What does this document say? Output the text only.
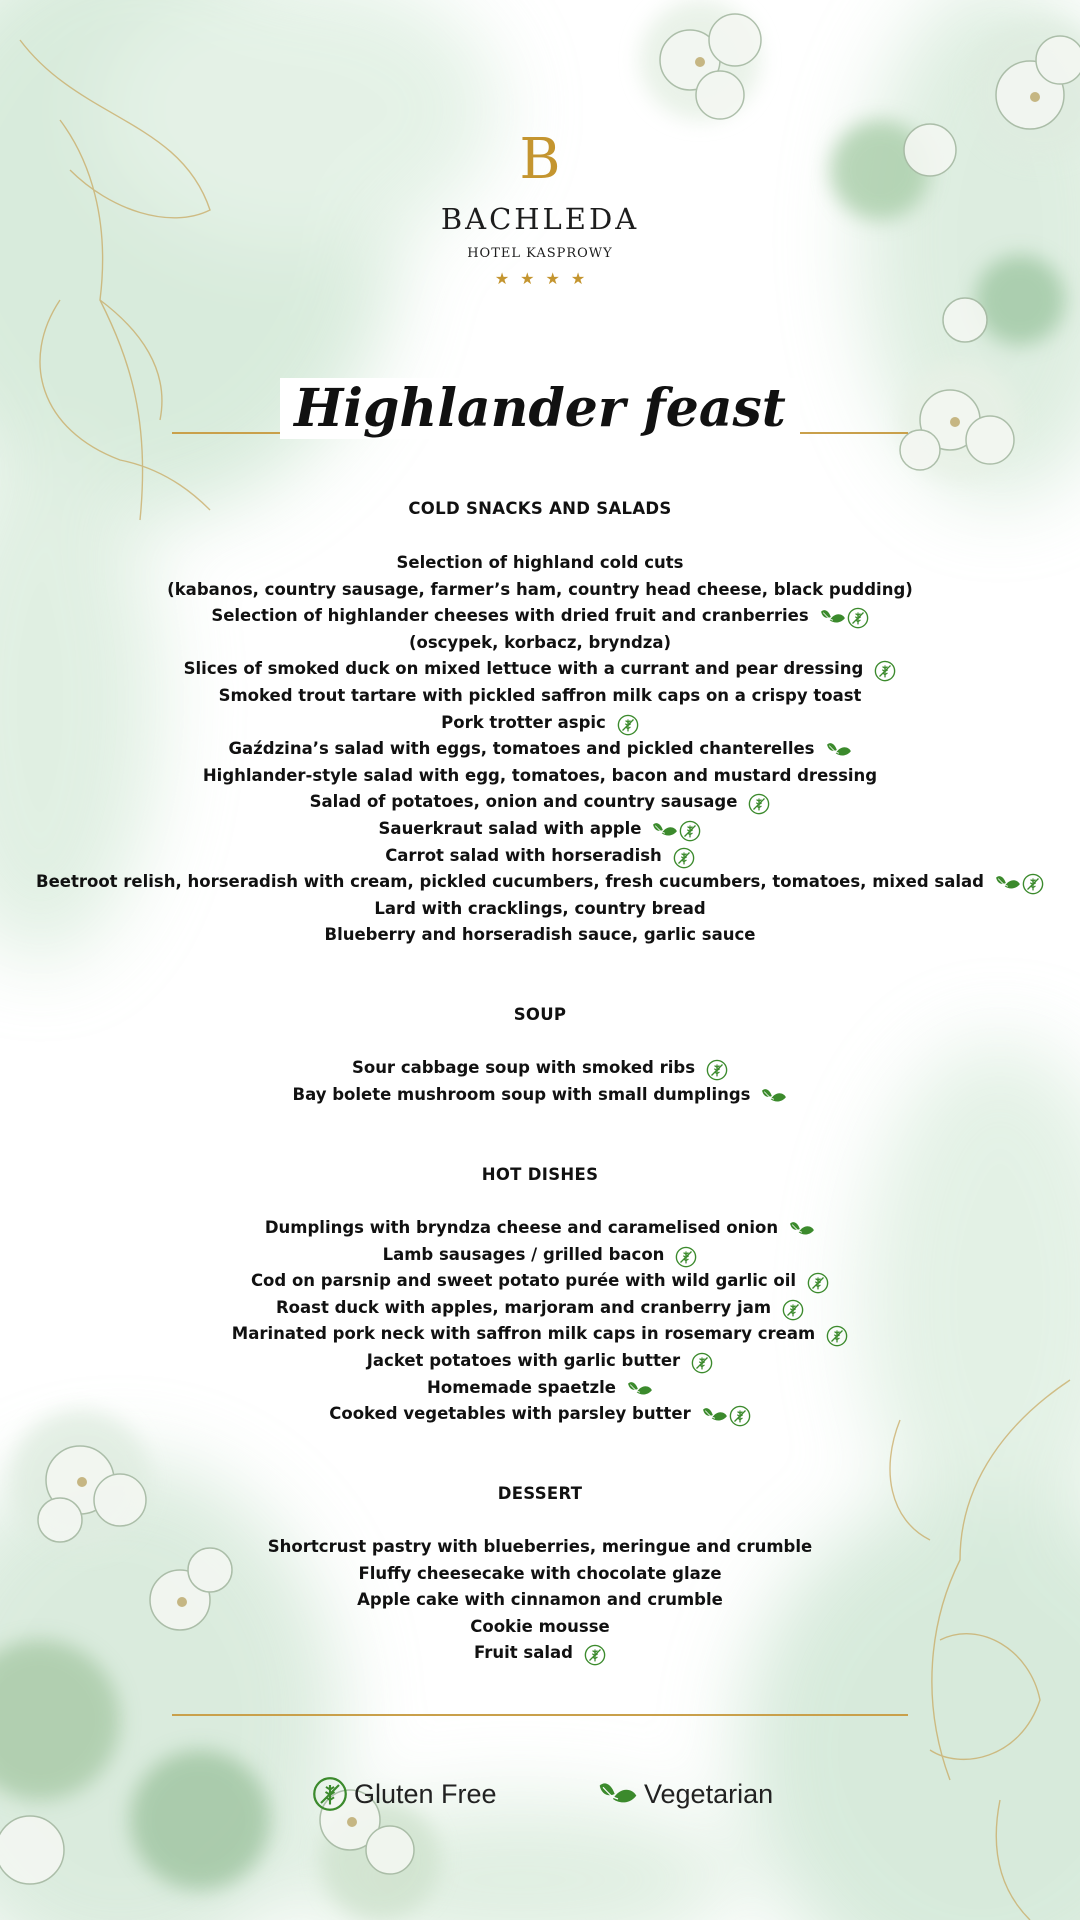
B
BACHLEDA
HOTEL KASPROWY
★★★★
Highlander feast
COLD SNACKS AND SALADS
Selection of highland cold cuts
(kabanos, country sausage, farmer’s ham, country head cheese, black pudding)
Selection of highlander cheeses with dried fruit and cranberries
(oscypek, korbacz, bryndza)
Slices of smoked duck on mixed lettuce with a currant and pear dressing
Smoked trout tartare with pickled saffron milk caps on a crispy toast
Pork trotter aspic
Gaździna’s salad with eggs, tomatoes and pickled chanterelles
Highlander-style salad with egg, tomatoes, bacon and mustard dressing
Salad of potatoes, onion and country sausage
Sauerkraut salad with apple
Carrot salad with horseradish
Beetroot relish, horseradish with cream, pickled cucumbers, fresh cucumbers, tomatoes, mixed salad
Lard with cracklings, country bread
Blueberry and horseradish sauce, garlic sauce
SOUP
Sour cabbage soup with smoked ribs
Bay bolete mushroom soup with small dumplings
HOT DISHES
Dumplings with bryndza cheese and caramelised onion
Lamb sausages / grilled bacon
Cod on parsnip and sweet potato purée with wild garlic oil
Roast duck with apples, marjoram and cranberry jam
Marinated pork neck with saffron milk caps in rosemary cream
Jacket potatoes with garlic butter
Homemade spaetzle
Cooked vegetables with parsley butter
DESSERT
Shortcrust pastry with blueberries, meringue and crumble
Fluffy cheesecake with chocolate glaze
Apple cake with cinnamon and crumble
Cookie mousse
Fruit salad
Gluten Free	Vegetarian
